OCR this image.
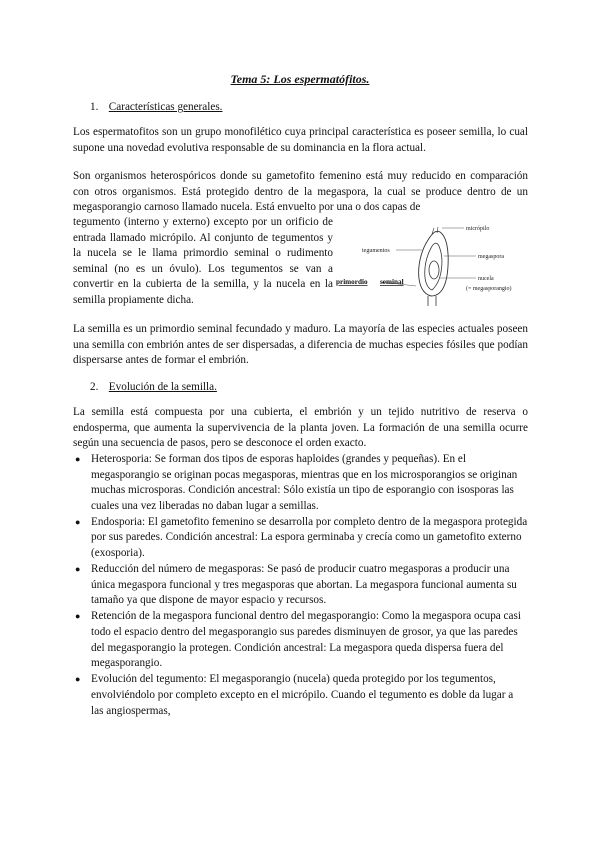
Tema 5: Los espermatófitos.
1. Características generales.

Los espermatofitos son un grupo monofilético cuya principal característica es poseer semilla, lo cual supone una novedad evolutiva responsable de su dominancia en la flora actual.

Son organismos heterospóricos donde su gametofito femenino está muy reducido en comparación con otros organismos. Está protegido dentro de la megaspora, la cual se produce dentro de un megasporangio carnoso llamado nucela. Está envuelto por una o dos capas de

tegumento (interno y externo) excepto por un orificio de entrada llamado micrópilo. Al conjunto de tegumentos y la nucela se le llama primordio seminal o rudimento seminal (no es un óvulo). Los tegumentos se van a convertir en la cubierta de la semilla, y la nucela en la semilla propiamente dicha.

micrópilo
tegumentos
megaspora
nucela
(= megasporangio)
primordio seminal

La semilla es un primordio seminal fecundado y maduro. La mayoría de las especies actuales poseen una semilla con embrión antes de ser dispersadas, a diferencia de muchas especies fósiles que podían dispersarse antes de formar el embrión.

2. Evolución de la semilla.

La semilla está compuesta por una cubierta, el embrión y un tejido nutritivo de reserva o endosperma, que aumenta la supervivencia de la planta joven. La formación de una semilla ocurre según una secuencia de pasos, pero se desconoce el orden exacto.

● Heterosporia: Se forman dos tipos de esporas haploides (grandes y pequeñas). En el megasporangio se originan pocas megasporas, mientras que en los microsporangios se originan muchas microsporas. Condición ancestral: Sólo existía un tipo de esporangio con isosporas las cuales una vez liberadas no daban lugar a semillas.
● Endosporia: El gametofito femenino se desarrolla por completo dentro de la megaspora protegida por sus paredes. Condición ancestral: La espora germinaba y crecía como un gametofito externo (exosporia).
● Reducción del número de megasporas: Se pasó de producir cuatro megasporas a producir una única megaspora funcional y tres megasporas que abortan. La megaspora funcional aumenta su tamaño ya que dispone de mayor espacio y recursos.
● Retención de la megaspora funcional dentro del megasporangio: Como la megaspora ocupa casi todo el espacio dentro del megasporangio sus paredes disminuyen de grosor, ya que las paredes del megasporangio la protegen. Condición ancestral: La megaspora queda dispersa fuera del megasporangio.
● Evolución del tegumento: El megasporangio (nucela) queda protegido por los tegumentos, envolviéndolo por completo excepto en el micrópilo. Cuando el tegumento es doble da lugar a las angiospermas,
